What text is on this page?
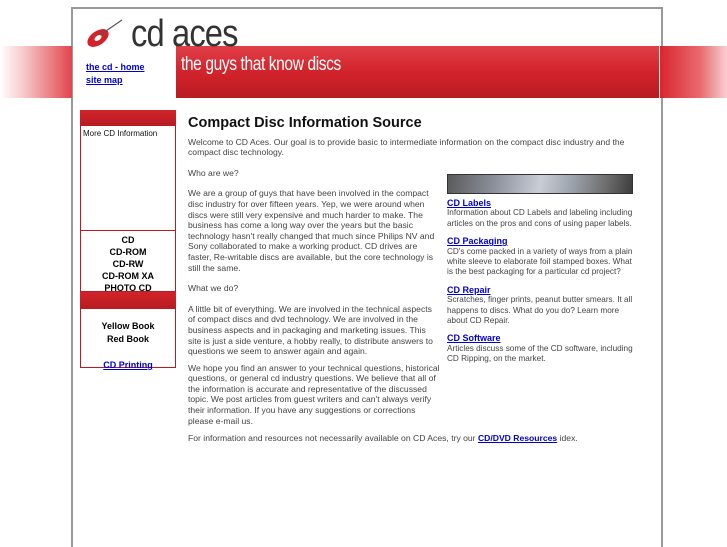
the guys that know discs
cd aces
the cd - home
site map
More CD Information
CD
CD-ROM
CD-RW
CD-ROM XA
PHOTO CD
Yellow Book
Red Book
CD Printing
Compact Disc Information Source

Welcome to CD Aces. Our goal is to provide basic to intermediate information on the compact disc industry and the compact disc technology.

Who are we?

We are a group of guys that have been involved in the compact disc industry for over fifteen years. Yep, we were around when discs were still very expensive and much harder to make. The business has come a long way over the years but the basic technology hasn't really changed that much since Philips NV and Sony collaborated to make a working product. CD drives are faster, Re-writable discs are available, but the core technology is still the same.

What we do?

A little bit of everything. We are involved in the technical aspects of compact discs and dvd technology. We are involved in the business aspects and in packaging and marketing issues. This site is just a side venture, a hobby really, to distribute answers to questions we seem to answer again and again.

We hope you find an answer to your technical questions, historical questions, or general cd industry questions. We believe that all of the information is accurate and representative of the discussed topic. We post articles from guest writers and can't always verify their information. If you have any suggestions or corrections please e-mail us.

For information and resources not necessarily available on CD Aces, try our CD/DVD Resources idex.

CD Labels
Information about CD Labels and labeling including articles on the pros and cons of using paper labels.
CD Packaging
CD's come packed in a variety of ways from a plain white sleeve to elaborate foil stamped boxes. What is the best packaging for a particular cd project?
CD Repair
Scratches, finger prints, peanut butter smears. It all happens to discs. What do you do? Learn more about CD Repair.
CD Software
Articles discuss some of the CD software, including CD Ripping, on the market.
